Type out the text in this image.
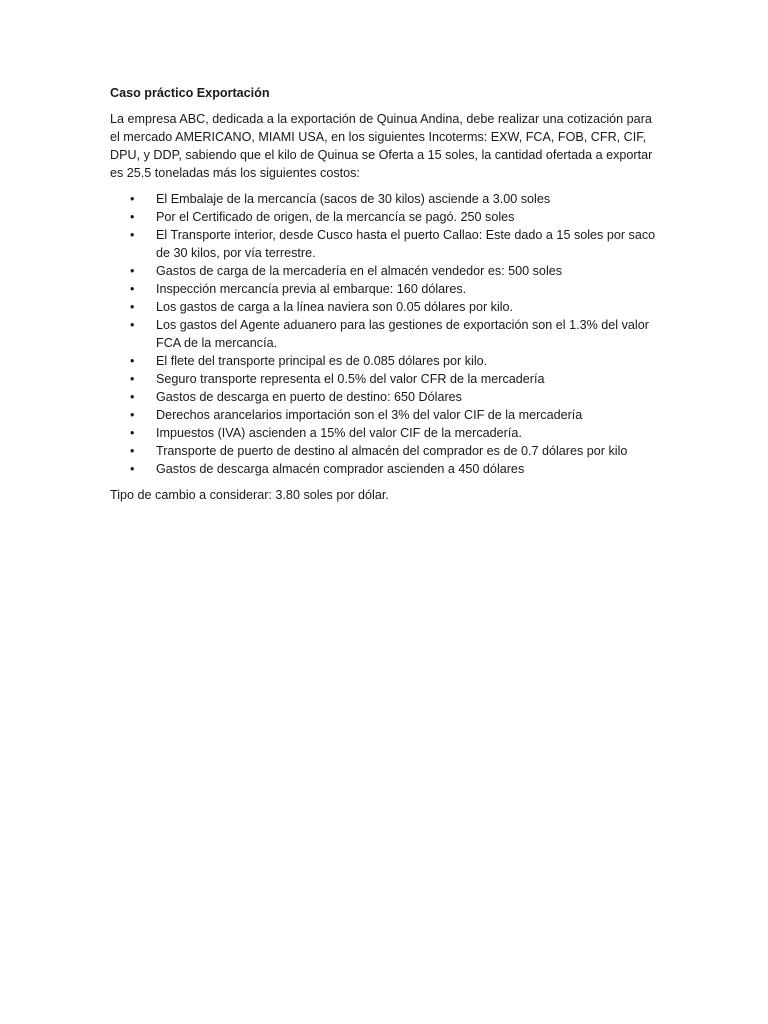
Caso práctico Exportación

La empresa ABC, dedicada a la exportación de Quinua Andina, debe realizar una cotización para el mercado AMERICANO, MIAMI USA, en los siguientes Incoterms: EXW, FCA, FOB, CFR, CIF, DPU, y DDP, sabiendo que el kilo de Quinua se Oferta a 15 soles, la cantidad ofertada a exportar es 25.5 toneladas más los siguientes costos:

• El Embalaje de la mercancía (sacos de 30 kilos) asciende a 3.00 soles
• Por el Certificado de origen, de la mercancía se pagó. 250 soles
• El Transporte interior, desde Cusco hasta el puerto Callao: Este dado a 15 soles por saco de 30 kilos, por vía terrestre.
• Gastos de carga de la mercadería en el almacén vendedor es: 500 soles
• Inspección mercancía previa al embarque: 160 dólares.
• Los gastos de carga a la línea naviera son 0.05 dólares por kilo.
• Los gastos del Agente aduanero para las gestiones de exportación son el 1.3% del valor FCA de la mercancía.
• El flete del transporte principal es de 0.085 dólares por kilo.
• Seguro transporte representa el 0.5% del valor CFR de la mercadería
• Gastos de descarga en puerto de destino: 650 Dólares
• Derechos arancelarios importación son el 3% del valor CIF de la mercadería
• Impuestos (IVA) ascienden a 15% del valor CIF de la mercadería.
• Transporte de puerto de destino al almacén del comprador es de 0.7 dólares por kilo
• Gastos de descarga almacén comprador ascienden a 450 dólares

Tipo de cambio a considerar: 3.80 soles por dólar.
